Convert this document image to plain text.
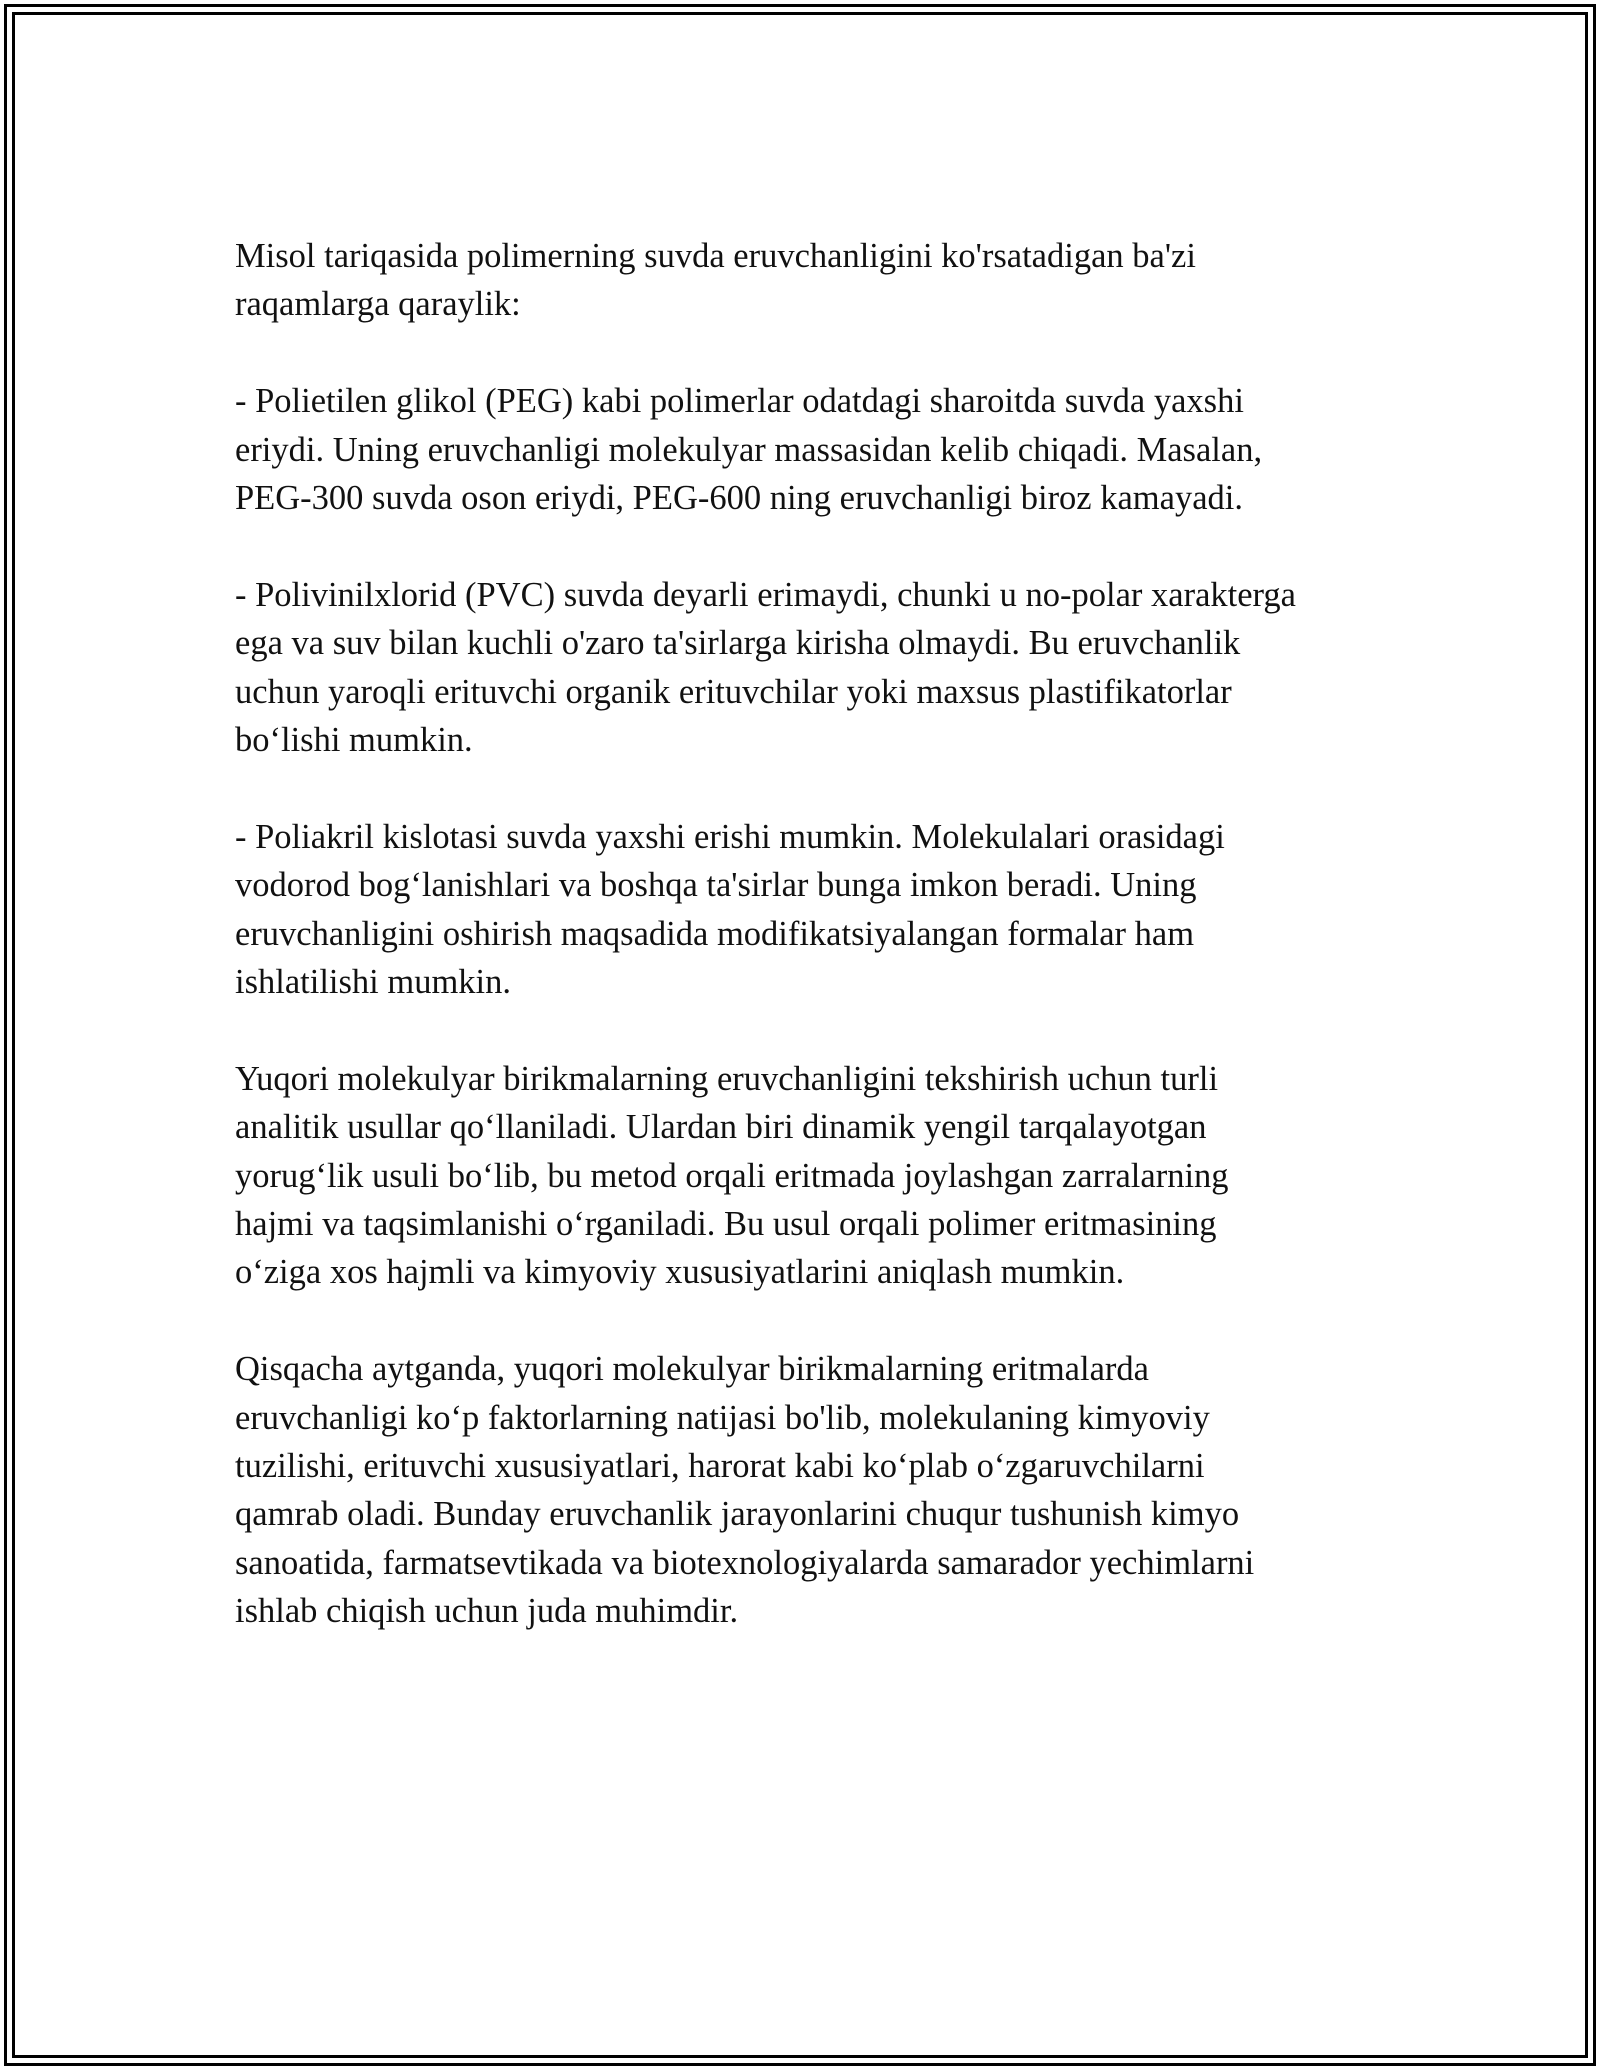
Misol tariqasida polimerning suvda eruvchanligini ko'rsatadigan ba'zi
raqamlarga qaraylik:

- Polietilen glikol (PEG) kabi polimerlar odatdagi sharoitda suvda yaxshi
eriydi. Uning eruvchanligi molekulyar massasidan kelib chiqadi. Masalan,
PEG-300 suvda oson eriydi, PEG-600 ning eruvchanligi biroz kamayadi.

- Polivinilxlorid (PVC) suvda deyarli erimaydi, chunki u no-polar xarakterga
ega va suv bilan kuchli o'zaro ta'sirlarga kirisha olmaydi. Bu eruvchanlik
uchun yaroqli erituvchi organik erituvchilar yoki maxsus plastifikatorlar
boʻlishi mumkin.

- Poliakril kislotasi suvda yaxshi erishi mumkin. Molekulalari orasidagi
vodorod bogʻlanishlari va boshqa ta'sirlar bunga imkon beradi. Uning
eruvchanligini oshirish maqsadida modifikatsiyalangan formalar ham
ishlatilishi mumkin.

Yuqori molekulyar birikmalarning eruvchanligini tekshirish uchun turli
analitik usullar qoʻllaniladi. Ulardan biri dinamik yengil tarqalayotgan
yorugʻlik usuli boʻlib, bu metod orqali eritmada joylashgan zarralarning
hajmi va taqsimlanishi oʻrganiladi. Bu usul orqali polimer eritmasining
oʻziga xos hajmli va kimyoviy xususiyatlarini aniqlash mumkin.

Qisqacha aytganda, yuqori molekulyar birikmalarning eritmalarda
eruvchanligi koʻp faktorlarning natijasi bo'lib, molekulaning kimyoviy
tuzilishi, erituvchi xususiyatlari, harorat kabi koʻplab oʻzgaruvchilarni
qamrab oladi. Bunday eruvchanlik jarayonlarini chuqur tushunish kimyo
sanoatida, farmatsevtikada va biotexnologiyalarda samarador yechimlarni
ishlab chiqish uchun juda muhimdir.
